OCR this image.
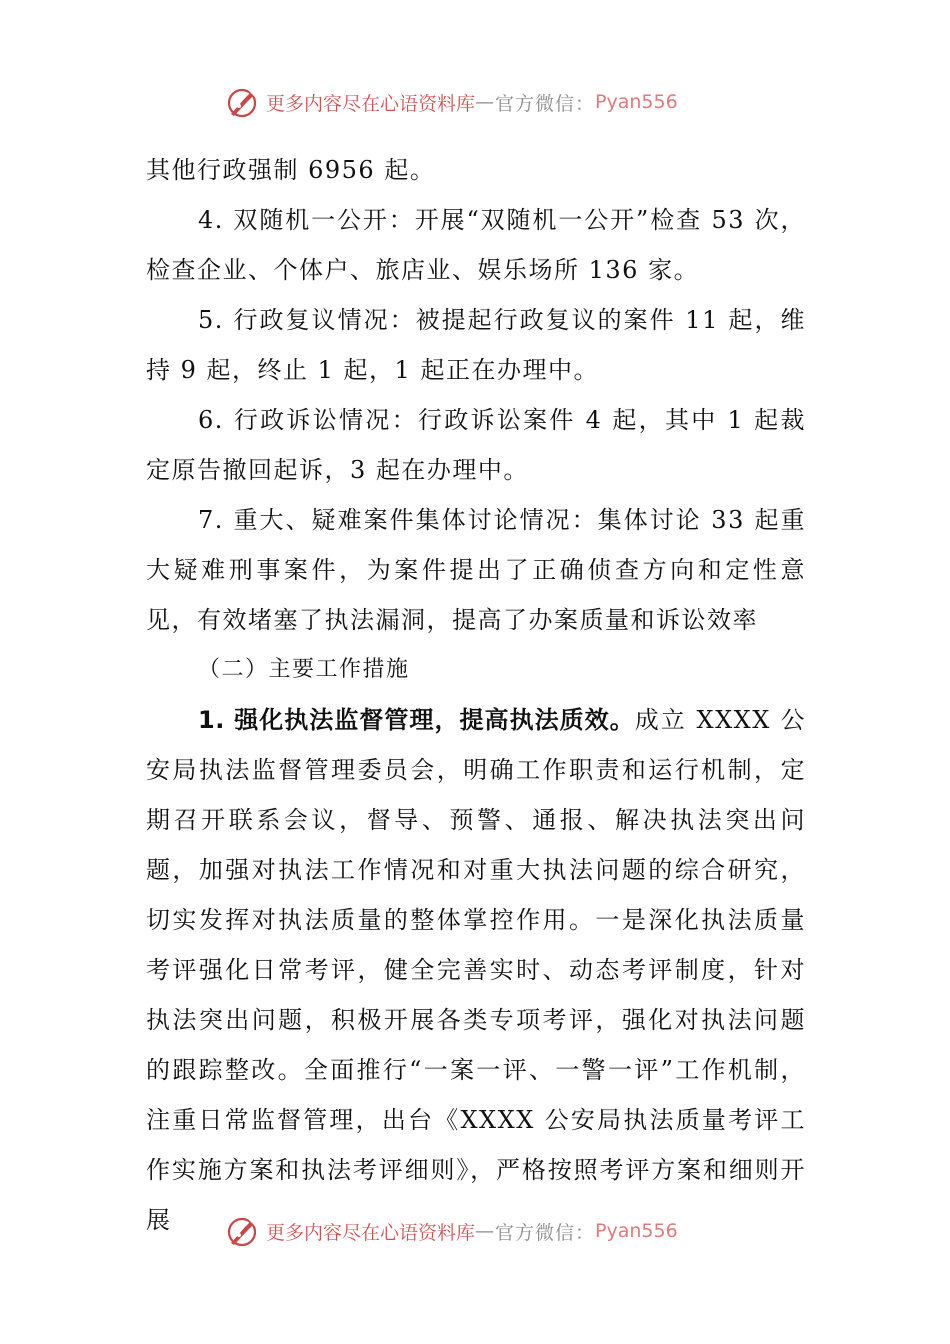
更多内容尽在心语资料库 — 官方微信： Pyan556

其他行政强制 6956 起。

4. 双随机一公开：开展“双随机一公开”检查 53 次，检查企业、个体户、旅店业、娱乐场所 136 家。

5. 行政复议情况：被提起行政复议的案件 11 起，维持 9 起，终止 1 起，1 起正在办理中。

6. 行政诉讼情况：行政诉讼案件 4 起，其中 1 起裁定原告撤回起诉，3 起在办理中。

7. 重大、疑难案件集体讨论情况：集体讨论 33 起重大疑难刑事案件，为案件提出了正确侦查方向和定性意见，有效堵塞了执法漏洞，提高了办案质量和诉讼效率

（二）主要工作措施

1. 强化执法监督管理，提高执法质效。成立 XXXX 公安局执法监督管理委员会，明确工作职责和运行机制，定期召开联系会议，督导、预警、通报、解决执法突出问题，加强对执法工作情况和对重大执法问题的综合研究，切实发挥对执法质量的整体掌控作用。一是深化执法质量考评强化日常考评，健全完善实时、动态考评制度，针对执法突出问题，积极开展各类专项考评，强化对执法问题的跟踪整改。全面推行“一案一评、一警一评”工作机制，注重日常监督管理，出台《XXXX 公安局执法质量考评工作实施方案和执法考评细则》，严格按照考评方案和细则开展	更多内容尽在心语资料库 — 官方微信： Pyan556
